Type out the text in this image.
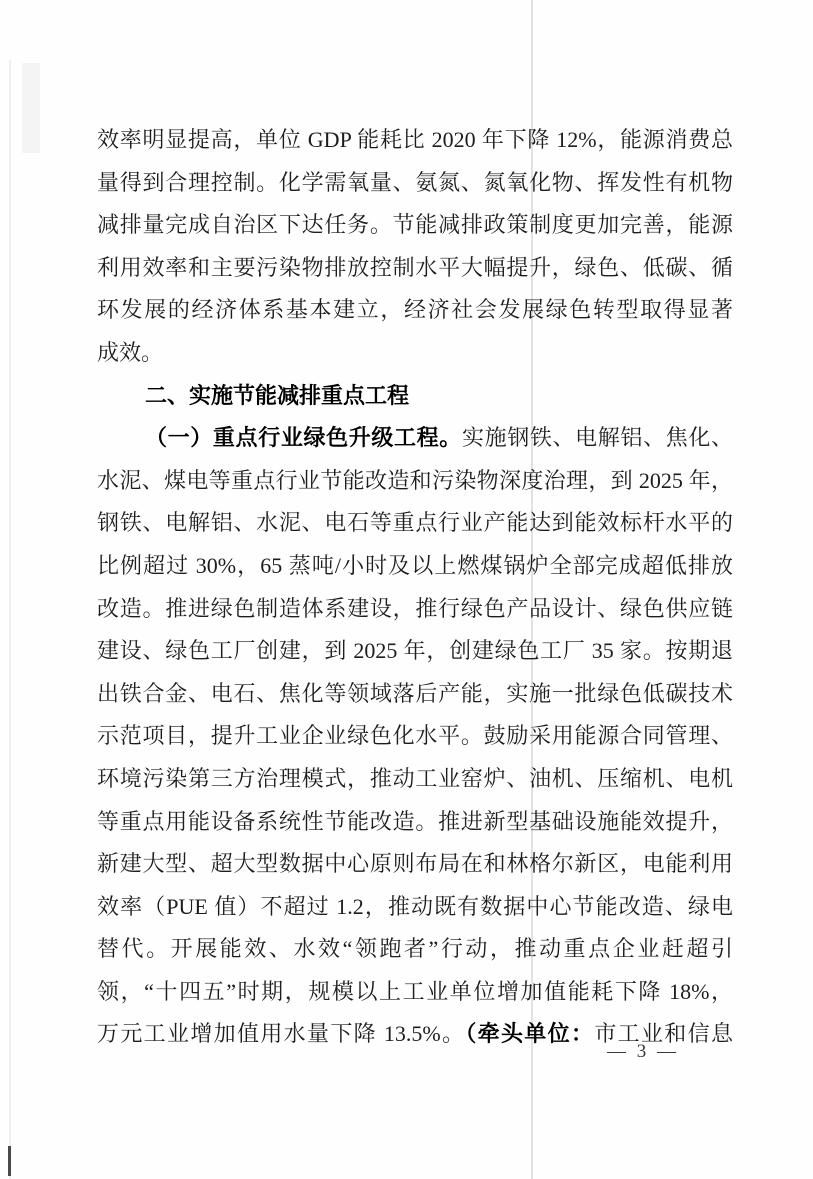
效率明显提高，单位 GDP 能耗比 2020 年下降 12%，能源消费总
量得到合理控制。化学需氧量、氨氮、氮氧化物、挥发性有机物
减排量完成自治区下达任务。节能减排政策制度更加完善，能源
利用效率和主要污染物排放控制水平大幅提升，绿色、低碳、循
环发展的经济体系基本建立，经济社会发展绿色转型取得显著
成效。
二、实施节能减排重点工程
（一）重点行业绿色升级工程。实施钢铁、电解铝、焦化、
水泥、煤电等重点行业节能改造和污染物深度治理，到 2025 年，
钢铁、电解铝、水泥、电石等重点行业产能达到能效标杆水平的
比例超过 30%，65 蒸吨/小时及以上燃煤锅炉全部完成超低排放
改造。推进绿色制造体系建设，推行绿色产品设计、绿色供应链
建设、绿色工厂创建，到 2025 年，创建绿色工厂 35 家。按期退
出铁合金、电石、焦化等领域落后产能，实施一批绿色低碳技术
示范项目，提升工业企业绿色化水平。鼓励采用能源合同管理、
环境污染第三方治理模式，推动工业窑炉、油机、压缩机、电机
等重点用能设备系统性节能改造。推进新型基础设施能效提升，
新建大型、超大型数据中心原则布局在和林格尔新区，电能利用
效率（PUE 值）不超过 1.2，推动既有数据中心节能改造、绿电
替代。开展能效、水效“领跑者”行动，推动重点企业赶超引
领，“十四五”时期，规模以上工业单位增加值能耗下降 18%，
万元工业增加值用水量下降 13.5%。（牵头单位：市工业和信息
— 3 —
